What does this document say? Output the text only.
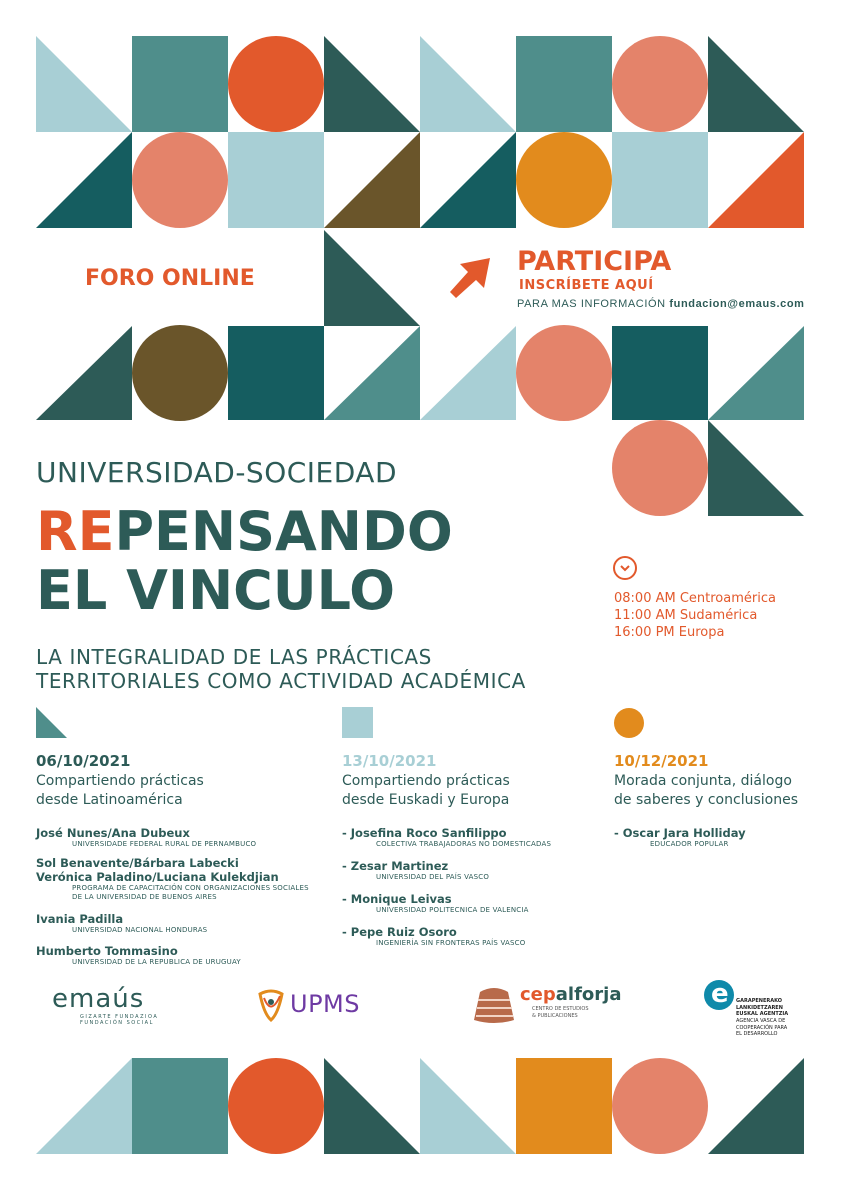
FORO ONLINE
PARTICIPA
INSCRÍBETE AQUÍ
PARA MAS INFORMACIÓN fundacion@emaus.com
UNIVERSIDAD-SOCIEDAD
REPENSANDO
EL VINCULO
LA INTEGRALIDAD DE LAS PRÁCTICAS
TERRITORIALES COMO ACTIVIDAD ACADÉMICA
08:00 AM Centroamérica
11:00 AM Sudamérica
16:00 PM Europa
06/10/2021
Compartiendo prácticas
desde Latinoamérica
José Nunes/Ana Dubeux
UNIVERSIDADE FEDERAL RURAL DE PERNAMBUCO
Sol Benavente/Bárbara Labecki
Verónica Paladino/Luciana Kulekdjian
PROGRAMA DE CAPACITACIÓN CON ORGANIZACIONES SOCIALES
DE LA UNIVERSIDAD DE BUENOS AIRES
Ivania Padilla
UNIVERSIDAD NACIONAL HONDURAS
Humberto Tommasino
UNIVERSIDAD DE LA REPUBLICA DE URUGUAY
13/10/2021
Compartiendo prácticas
desde Euskadi y Europa
- Josefina Roco Sanfilippo
COLECTIVA TRABAJADORAS NO DOMESTICADAS
- Zesar Martinez
UNIVERSIDAD DEL PAÍS VASCO
- Monique Leivas
UNIVERSIDAD POLITECNICA DE VALENCIA
- Pepe Ruiz Osoro
INGENIERÍA SIN FRONTERAS PAÍS VASCO
10/12/2021
Morada conjunta, diálogo
de saberes y conclusiones
- Oscar Jara Holliday
EDUCADOR POPULAR
emaús
GIZARTE FUNDAZIOA
FUNDACIÓN SOCIAL
UPMS	cepalforja
CENTRO DE ESTUDIOS
& PUBLICACIONES
e GARAPENERAKO
LANKIDETZAREN
EUSKAL AGENTZIA
AGENCIA VASCA DE
COOPERACIÓN PARA
EL DESARROLLO
